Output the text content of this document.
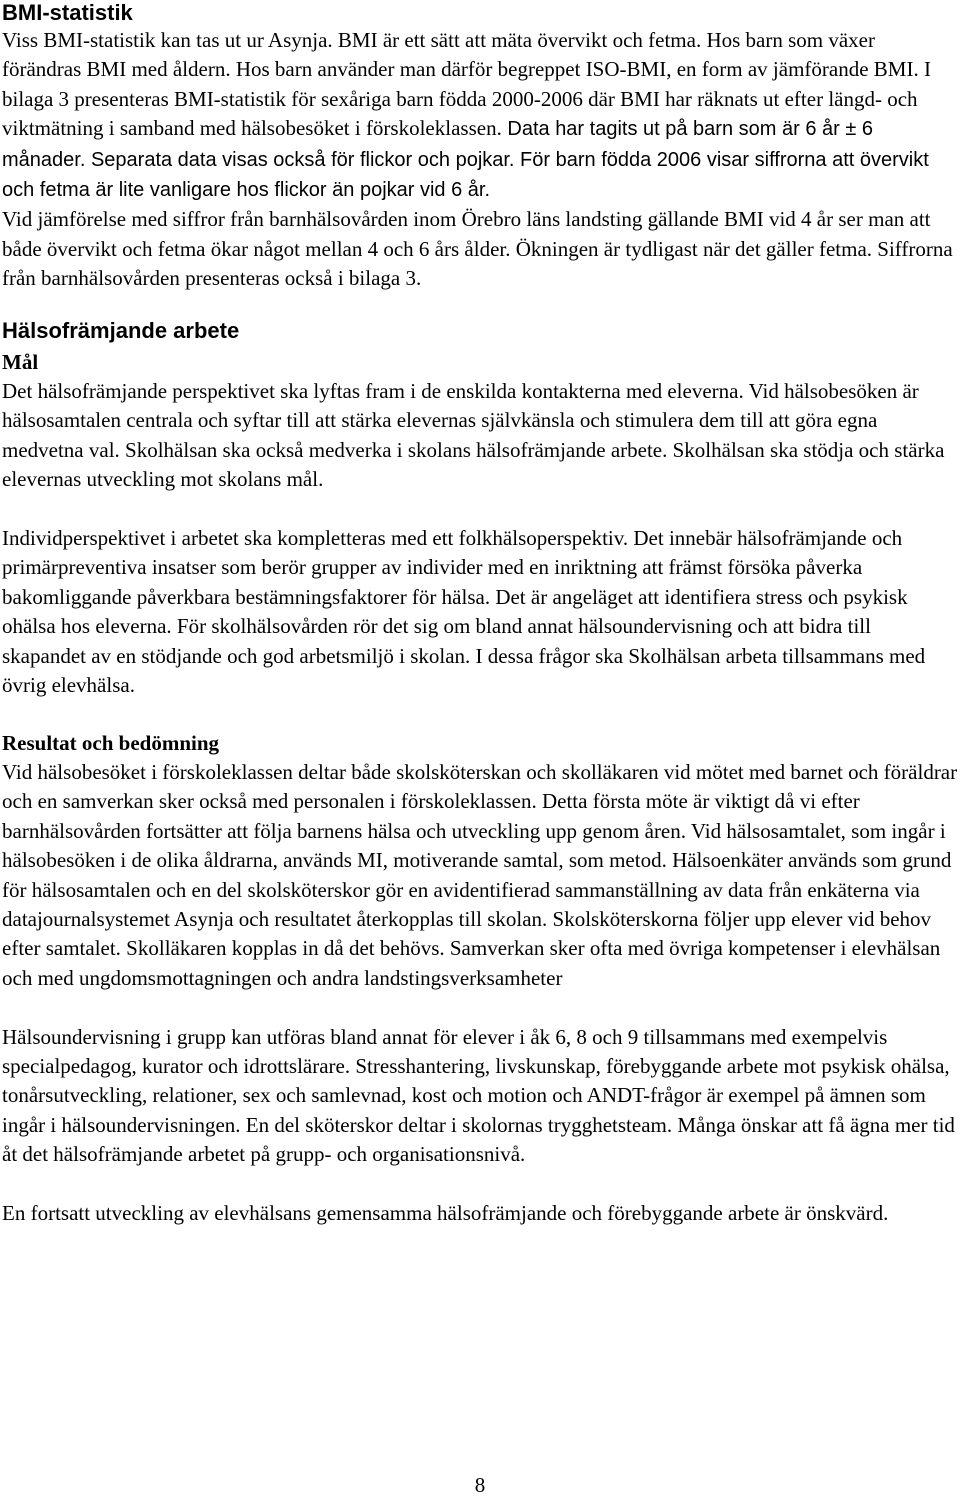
BMI-statistik

Viss BMI-statistik kan tas ut ur Asynja. BMI är ett sätt att mäta övervikt och fetma. Hos barn som växer förändras BMI med åldern. Hos barn använder man därför begreppet ISO-BMI, en form av jämförande BMI. I bilaga 3 presenteras BMI-statistik för sexåriga barn födda 2000-2006 där BMI har räknats ut efter längd- och viktmätning i samband med hälsobesöket i förskoleklassen. Data har tagits ut på barn som är 6 år ± 6 månader. Separata data visas också för flickor och pojkar. För barn födda 2006 visar siffrorna att övervikt och fetma är lite vanligare hos flickor än pojkar vid 6 år.

Vid jämförelse med siffror från barnhälsovården inom Örebro läns landsting gällande BMI vid 4 år ser man att både övervikt och fetma ökar något mellan 4 och 6 års ålder. Ökningen är tydligast när det gäller fetma. Siffrorna från barnhälsovården presenteras också i bilaga 3.

Hälsofrämjande arbete
Mål

Det hälsofrämjande perspektivet ska lyftas fram i de enskilda kontakterna med eleverna. Vid hälsobesöken är hälsosamtalen centrala och syftar till att stärka elevernas självkänsla och stimulera dem till att göra egna medvetna val. Skolhälsan ska också medverka i skolans hälsofrämjande arbete. Skolhälsan ska stödja och stärka elevernas utveckling mot skolans mål.

Individperspektivet i arbetet ska kompletteras med ett folkhälsoperspektiv. Det innebär hälsofrämjande och primärpreventiva insatser som berör grupper av individer med en inriktning att främst försöka påverka bakomliggande påverkbara bestämningsfaktorer för hälsa. Det är angeläget att identifiera stress och psykisk ohälsa hos eleverna. För skolhälsovården rör det sig om bland annat hälsoundervisning och att bidra till skapandet av en stödjande och god arbetsmiljö i skolan. I dessa frågor ska Skolhälsan arbeta tillsammans med övrig elevhälsa.

Resultat och bedömning

Vid hälsobesöket i förskoleklassen deltar både skolsköterskan och skolläkaren vid mötet med barnet och föräldrar och en samverkan sker också med personalen i förskoleklassen. Detta första möte är viktigt då vi efter barnhälsovården fortsätter att följa barnens hälsa och utveckling upp genom åren. Vid hälsosamtalet, som ingår i hälsobesöken i de olika åldrarna, används MI, motiverande samtal, som metod. Hälsoenkäter används som grund för hälsosamtalen och en del skolsköterskor gör en avidentifierad sammanställning av data från enkäterna via datajournalsystemet Asynja och resultatet återkopplas till skolan. Skolsköterskorna följer upp elever vid behov efter samtalet. Skolläkaren kopplas in då det behövs. Samverkan sker ofta med övriga kompetenser i elevhälsan och med ungdomsmottagningen och andra landstingsverksamheter

Hälsoundervisning i grupp kan utföras bland annat för elever i åk 6, 8 och 9 tillsammans med exempelvis specialpedagog, kurator och idrottslärare. Stresshantering, livskunskap, förebyggande arbete mot psykisk ohälsa, tonårsutveckling, relationer, sex och samlevnad, kost och motion och ANDT-frågor är exempel på ämnen som ingår i hälsoundervisningen. En del sköterskor deltar i skolornas trygghetsteam. Många önskar att få ägna mer tid åt det hälsofrämjande arbetet på grupp- och organisationsnivå.

En fortsatt utveckling av elevhälsans gemensamma hälsofrämjande och förebyggande arbete är önskvärd.

8
